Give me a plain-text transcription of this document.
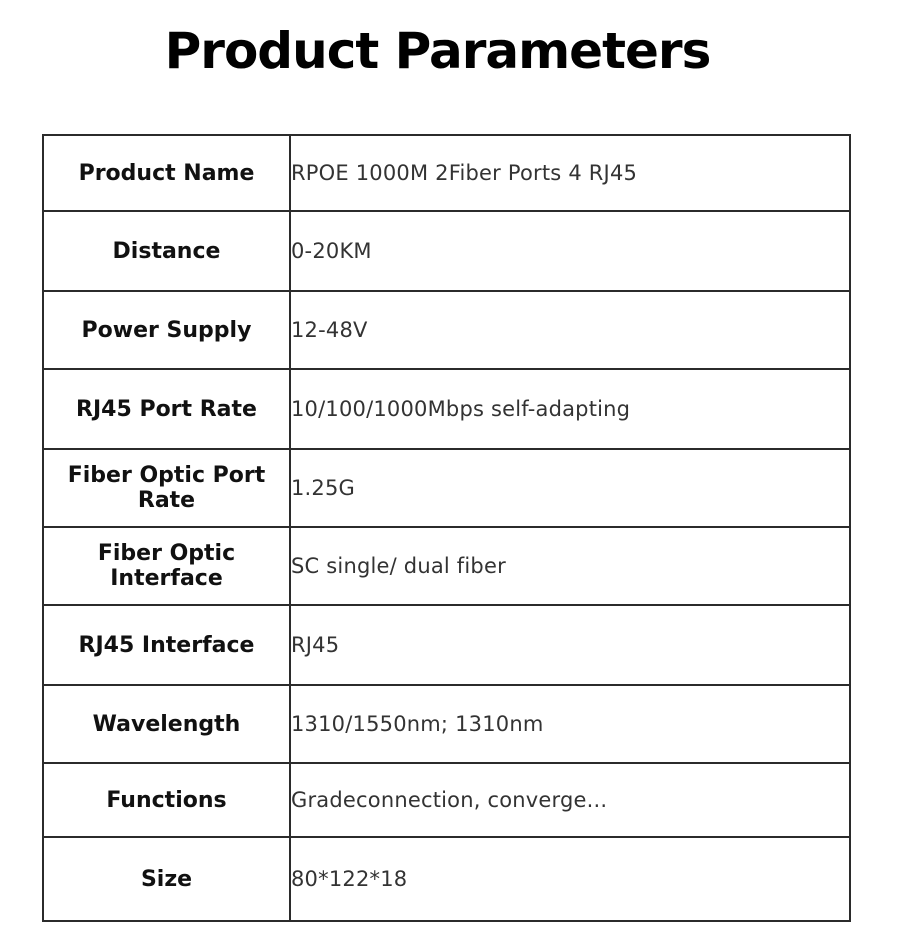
Product Parameters
Product Name	RPOE 1000M 2Fiber Ports 4 RJ45
Distance	0-20KM
Power Supply	12-48V
RJ45 Port Rate	10/100/1000Mbps self-adapting
Fiber Optic Port Rate	1.25G
Fiber Optic Interface	SC single/ dual fiber
RJ45 Interface	RJ45
Wavelength	1310/1550nm; 1310nm
Functions	Gradeconnection, converge...
Size	80*122*18
